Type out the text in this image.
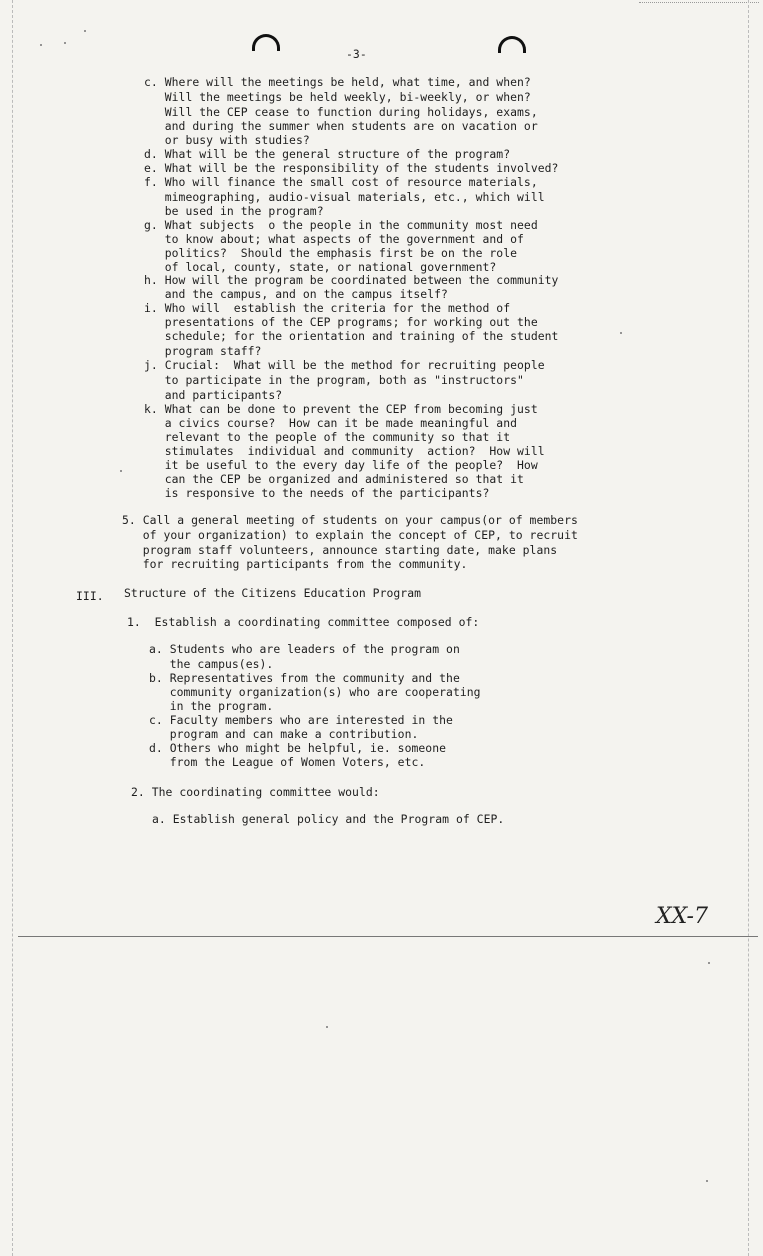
-3-
c. Where will the meetings be held, what time, and when?
Will the meetings be held weekly, bi-weekly, or when?
Will the CEP cease to function during holidays, exams,
and during the summer when students are on vacation or
or busy with studies?
d. What will be the general structure of the program?
e. What will be the responsibility of the students involved?
f. Who will finance the small cost of resource materials,
mimeographing, audio-visual materials, etc., which will
be used in the program?
g. What subjects  o the people in the community most need
to know about; what aspects of the government and of
politics?  Should the emphasis first be on the role
of local, county, state, or national government?
h. How will the program be coordinated between the community
and the campus, and on the campus itself?
i. Who will  establish the criteria for the method of
presentations of the CEP programs; for working out the
schedule; for the orientation and training of the student
program staff?
j. Crucial:  What will be the method for recruiting people
to participate in the program, both as "instructors"
and participants?
k. What can be done to prevent the CEP from becoming just
a civics course?  How can it be made meaningful and
relevant to the people of the community so that it
stimulates  individual and community  action?  How will
it be useful to the every day life of the people?  How
can the CEP be organized and administered so that it
is responsive to the needs of the participants?
5. Call a general meeting of students on your campus(or of members
of your organization) to explain the concept of CEP, to recruit
program staff volunteers, announce starting date, make plans
for recruiting participants from the community.
III. Structure of the Citizens Education Program
1.  Establish a coordinating committee composed of:
a. Students who are leaders of the program on
the campus(es).
b. Representatives from the community and the
community organization(s) who are cooperating
in the program.
c. Faculty members who are interested in the
program and can make a contribution.
d. Others who might be helpful, ie. someone
from the League of Women Voters, etc.
2. The coordinating committee would:
a. Establish general policy and the Program of CEP.
XX-7
